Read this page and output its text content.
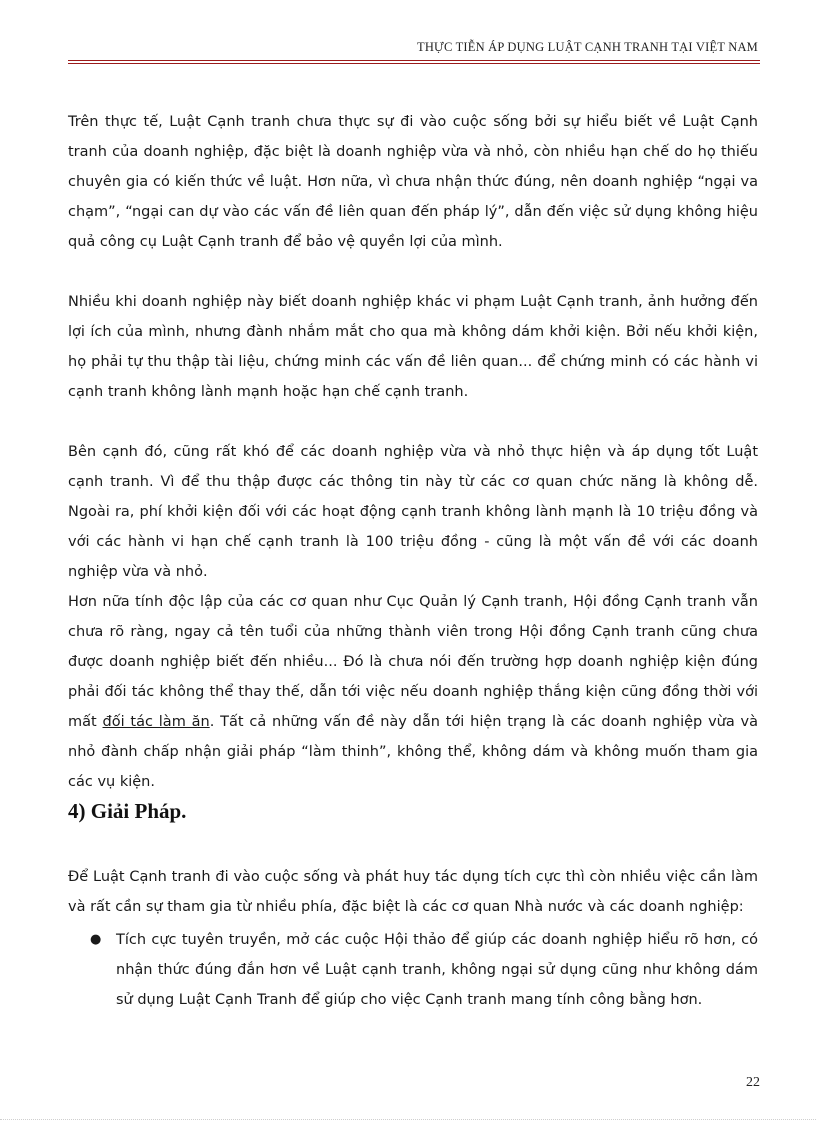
THỰC TIỄN ÁP DỤNG LUẬT CẠNH TRANH TẠI VIỆT NAM

Trên thực tế, Luật Cạnh tranh chưa thực sự đi vào cuộc sống bởi sự hiểu biết về Luật Cạnh tranh của doanh nghiệp, đặc biệt là doanh nghiệp vừa và nhỏ, còn nhiều hạn chế do họ thiếu chuyên gia có kiến thức về luật. Hơn nữa, vì chưa nhận thức đúng, nên doanh nghiệp “ngại va chạm”, “ngại can dự vào các vấn đề liên quan đến pháp lý”, dẫn đến việc sử dụng không hiệu quả công cụ Luật Cạnh tranh để bảo vệ quyền lợi của mình.

Nhiều khi doanh nghiệp này biết doanh nghiệp khác vi phạm Luật Cạnh tranh, ảnh hưởng đến lợi ích của mình, nhưng đành nhắm mắt cho qua mà không dám khởi kiện. Bởi nếu khởi kiện, họ phải tự thu thập tài liệu, chứng minh các vấn đề liên quan... để chứng minh có các hành vi cạnh tranh không lành mạnh hoặc hạn chế cạnh tranh.

Bên cạnh đó, cũng rất khó để các doanh nghiệp vừa và nhỏ thực hiện và áp dụng tốt Luật cạnh tranh. Vì để thu thập được các thông tin này từ các cơ quan chức năng là không dễ. Ngoài ra, phí khởi kiện đối với các hoạt động cạnh tranh không lành mạnh là 10 triệu đồng và với các hành vi hạn chế cạnh tranh là 100 triệu đồng - cũng là một vấn đề với các doanh nghiệp vừa và nhỏ.

Hơn nữa tính độc lập của các cơ quan như Cục Quản lý Cạnh tranh, Hội đồng Cạnh tranh vẫn chưa rõ ràng, ngay cả tên tuổi của những thành viên trong Hội đồng Cạnh tranh cũng chưa được doanh nghiệp biết đến nhiều... Đó là chưa nói đến trường hợp doanh nghiệp kiện đúng phải đối tác không thể thay thế, dẫn tới việc nếu doanh nghiệp thắng kiện cũng đồng thời với mất đối tác làm ăn. Tất cả những vấn đề này dẫn tới hiện trạng là các doanh nghiệp vừa và nhỏ đành chấp nhận giải pháp “làm thinh”, không thể, không dám và không muốn tham gia các vụ kiện.

4) Giải Pháp.

Để Luật Cạnh tranh đi vào cuộc sống và phát huy tác dụng tích cực thì còn nhiều việc cần làm và rất cần sự tham gia từ nhiều phía, đặc biệt là các cơ quan Nhà nước và các doanh nghiệp:

●	Tích cực tuyên truyền, mở các cuộc Hội thảo để giúp các doanh nghiệp hiểu rõ hơn, có nhận thức đúng đắn hơn về Luật cạnh tranh, không ngại sử dụng cũng như không dám sử dụng Luật Cạnh Tranh để giúp cho việc Cạnh tranh mang tính công bằng hơn.
22
